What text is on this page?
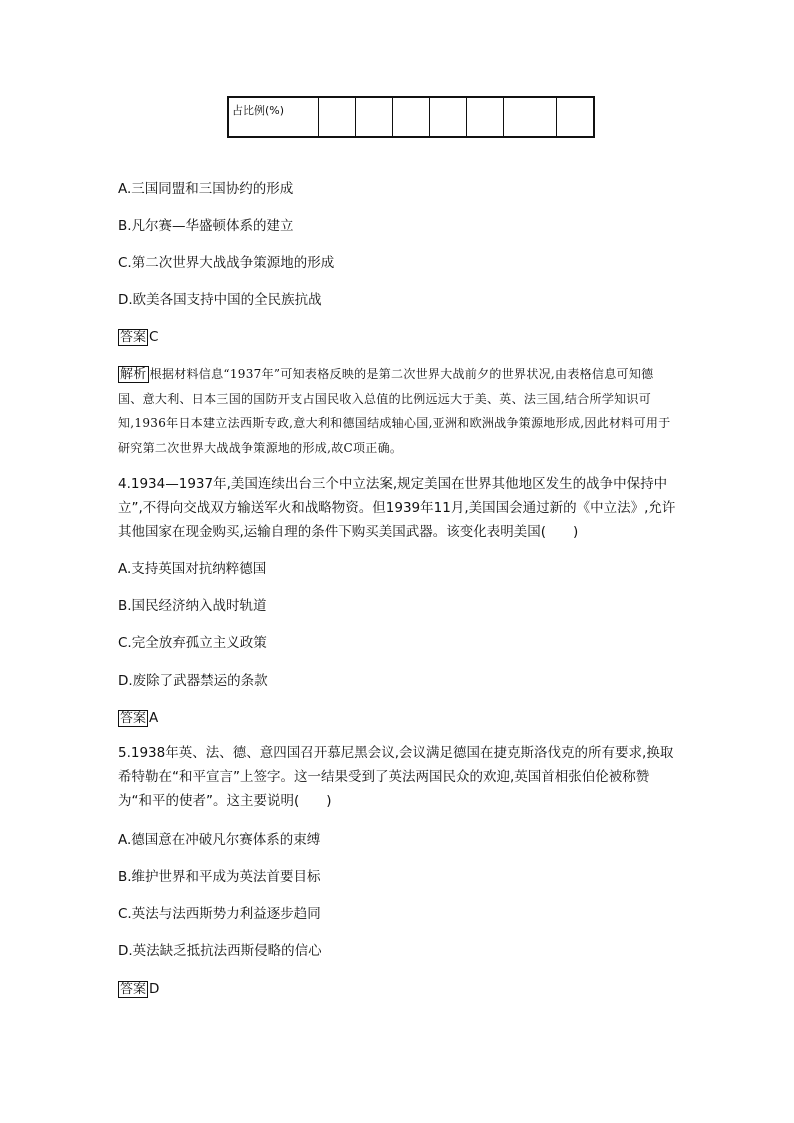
占比例(%)							
A.三国同盟和三国协约的形成
B.凡尔赛—华盛顿体系的建立
C.第二次世界大战战争策源地的形成
D.欧美各国支持中国的全民族抗战
答案 C
解析 根据材料信息“1937年”可知表格反映的是第二次世界大战前夕的世界状况,由表格信息可知德国、意大利、日本三国的国防开支占国民收入总值的比例远远大于美、英、法三国,结合所学知识可知,1936年日本建立法西斯专政,意大利和德国结成轴心国,亚洲和欧洲战争策源地形成,因此材料可用于研究第二次世界大战战争策源地的形成,故C项正确。
4.1934—1937年,美国连续出台三个中立法案,规定美国在世界其他地区发生的战争中保持中立”,不得向交战双方输送军火和战略物资。但1939年11月,美国国会通过新的《中立法》,允许其他国家在现金购买,运输自理的条件下购买美国武器。该变化表明美国(　　)
A.支持英国对抗纳粹德国
B.国民经济纳入战时轨道
C.完全放弃孤立主义政策
D.废除了武器禁运的条款
答案 A
5.1938年英、法、德、意四国召开慕尼黑会议,会议满足德国在捷克斯洛伐克的所有要求,换取希特勒在“和平宣言”上签字。这一结果受到了英法两国民众的欢迎,英国首相张伯伦被称赞为“和平的使者”。这主要说明(　　)
A.德国意在冲破凡尔赛体系的束缚
B.维护世界和平成为英法首要目标
C.英法与法西斯势力利益逐步趋同
D.英法缺乏抵抗法西斯侵略的信心
答案 D
